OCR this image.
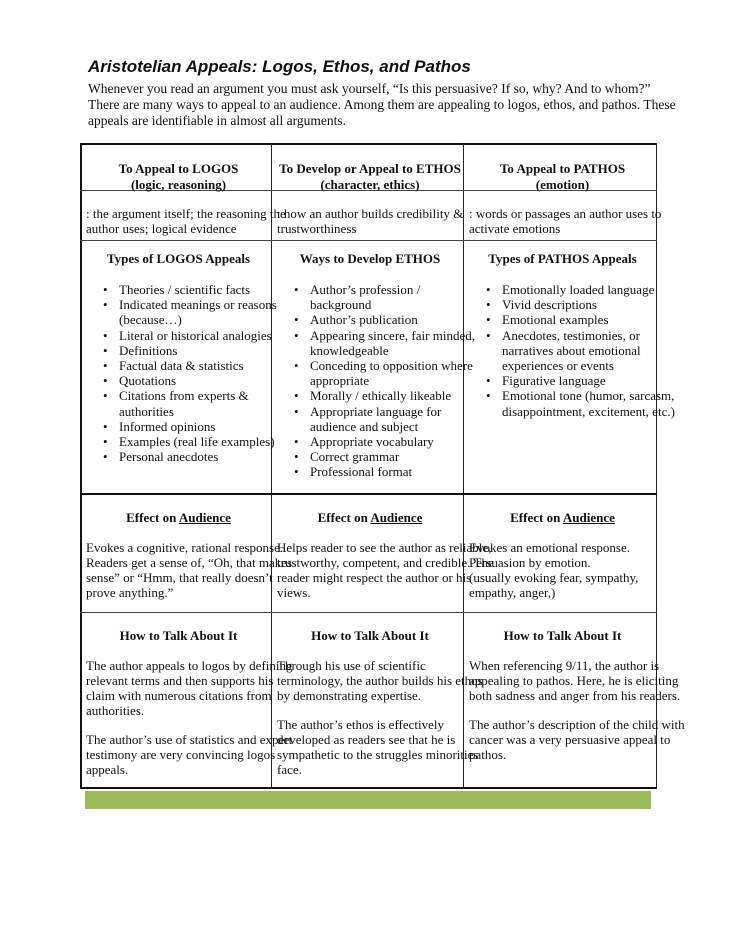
Aristotelian Appeals: Logos, Ethos, and Pathos

Whenever you read an argument you must ask yourself, “Is this persuasive? If so, why? And to whom?” There are many ways to appeal to an audience. Among them are appealing to logos, ethos, and pathos. These appeals are identifiable in almost all arguments.

To Appeal to LOGOS
(logic, reasoning)
: the argument itself; the reasoning the
author uses; logical evidence
Types of LOGOS Appeals
• Theories / scientific facts
• Indicated meanings or reasons
(because…)
• Literal or historical analogies
• Definitions
• Factual data & statistics
• Quotations
• Citations from experts &
authorities
• Informed opinions
• Examples (real life examples)
• Personal anecdotes
Effect on Audience
Evokes a cognitive, rational response.
Readers get a sense of, “Oh, that makes
sense” or “Hmm, that really doesn’t
prove anything.”
How to Talk About It

The author appeals to logos by defining
relevant terms and then supports his
claim with numerous citations from
authorities.

The author’s use of statistics and expert
testimony are very convincing logos
appeals.

To Develop or Appeal to ETHOS
(character, ethics)
: how an author builds credibility &
trustworthiness
Ways to Develop ETHOS
• Author’s profession /
background
• Author’s publication
• Appearing sincere, fair minded,
knowledgeable
• Conceding to opposition where
appropriate
• Morally / ethically likeable
• Appropriate language for
audience and subject
• Appropriate vocabulary
• Correct grammar
• Professional format
Effect on Audience
Helps reader to see the author as reliable,
trustworthy, competent, and credible. The
reader might respect the author or his
views.
How to Talk About It

Through his use of scientific
terminology, the author builds his ethos
by demonstrating expertise.

The author’s ethos is effectively
developed as readers see that he is
sympathetic to the struggles minorities
face.

To Appeal to PATHOS
(emotion)
: words or passages an author uses to
activate emotions
Types of PATHOS Appeals
• Emotionally loaded language
• Vivid descriptions
• Emotional examples
• Anecdotes, testimonies, or
narratives about emotional
experiences or events
• Figurative language
• Emotional tone (humor, sarcasm,
disappointment, excitement, etc.)
Effect on Audience
Evokes an emotional response.
Persuasion by emotion.
(usually evoking fear, sympathy,
empathy, anger,)
How to Talk About It

When referencing 9/11, the author is
appealing to pathos. Here, he is eliciting
both sadness and anger from his readers.

The author’s description of the child with
cancer was a very persuasive appeal to
pathos.
